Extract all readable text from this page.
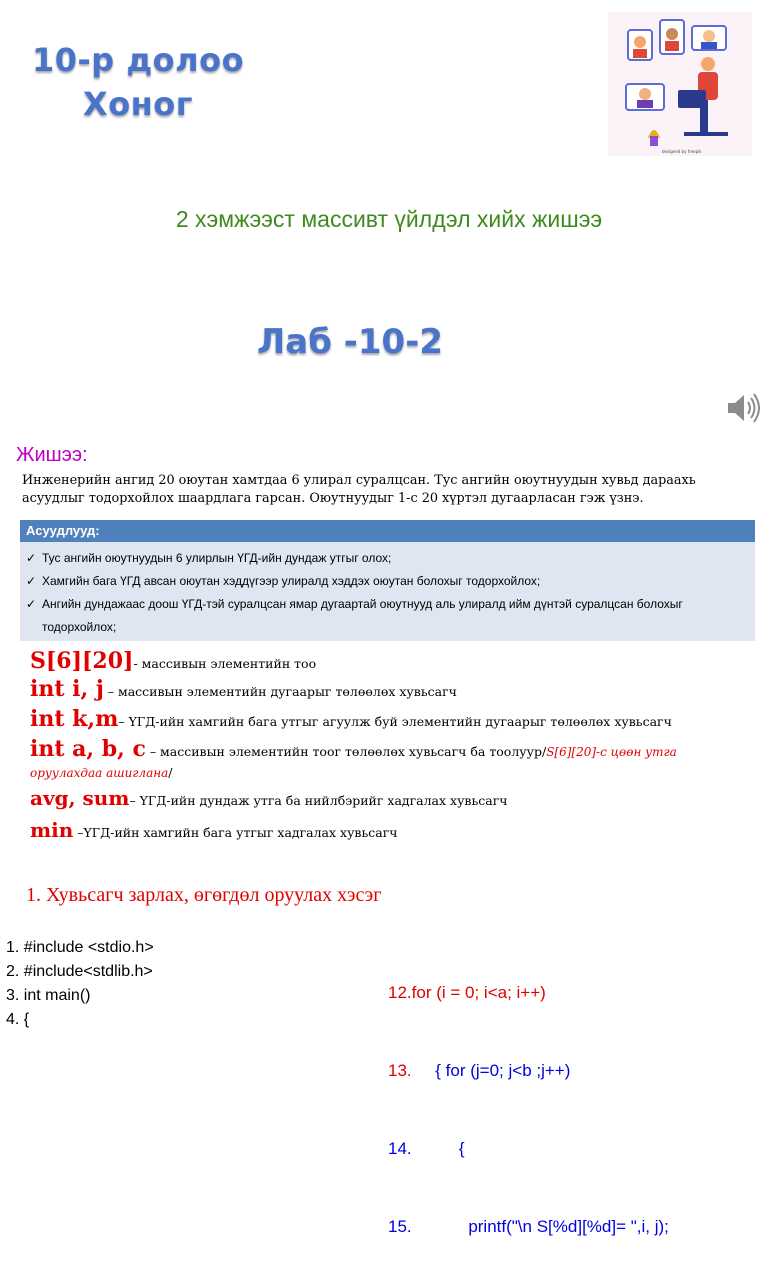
10-р долоо
Хоног
designed by freepik
2 хэмжээст массивт үйлдэл хийх жишээ
Лаб -10-2
Жишээ:
Инженерийн ангид 20 оюутан хамтдаа 6 улирал суралцсан. Тус ангийн оюутнуудын хувьд дараахь асуудлыг тодорхойлох шаардлага гарсан. Оюутнуудыг 1-с 20 хүртэл дугаарласан гэж үзнэ.
Асуудлууд:
✓ Тус ангийн оюутнуудын 6 улирлын ҮГД-ийн дундаж утгыг олох;
✓ Хамгийн бага ҮГД авсан оюутан хэддүгээр улиралд хэддэх оюутан болохыг тодорхойлох;
✓ Ангийн дундажаас доош ҮГД-тэй суралцсан ямар дугаартай оюутнууд аль улиралд ийм дүнтэй суралцсан болохыг
тодорхойлох;
S[6][20]- массивын элементийн тоо
int i, j – массивын элементийн дугаарыг төлөөлөх хувьсагч
int k,m– ҮГД-ийн хамгийн бага утгыг агуулж буй элементийн дугаарыг төлөөлөх хувьсагч
int a, b, c – массивын элементийн тоог төлөөлөх хувьсагч ба тоолуур/S[6][20]-с цөөн утга
оруулахдаа ашиглана/
avg, sum– ҮГД-ийн дундаж утга ба нийлбэрийг хадгалах хувьсагч
min –ҮГД-ийн хамгийн бага утгыг хадгалах хувьсагч
1. Хувьсагч зарлах, өгөгдөл оруулах хэсэг
1. #include <stdio.h>
2. #include<stdlib.h>
3. int main()
4. {

12.for (i = 0; i<a; i++)

13.     { for (j=0; j<b ;j++)

14.          {

15.            printf("\n S[%d][%d]= ",i, j);
